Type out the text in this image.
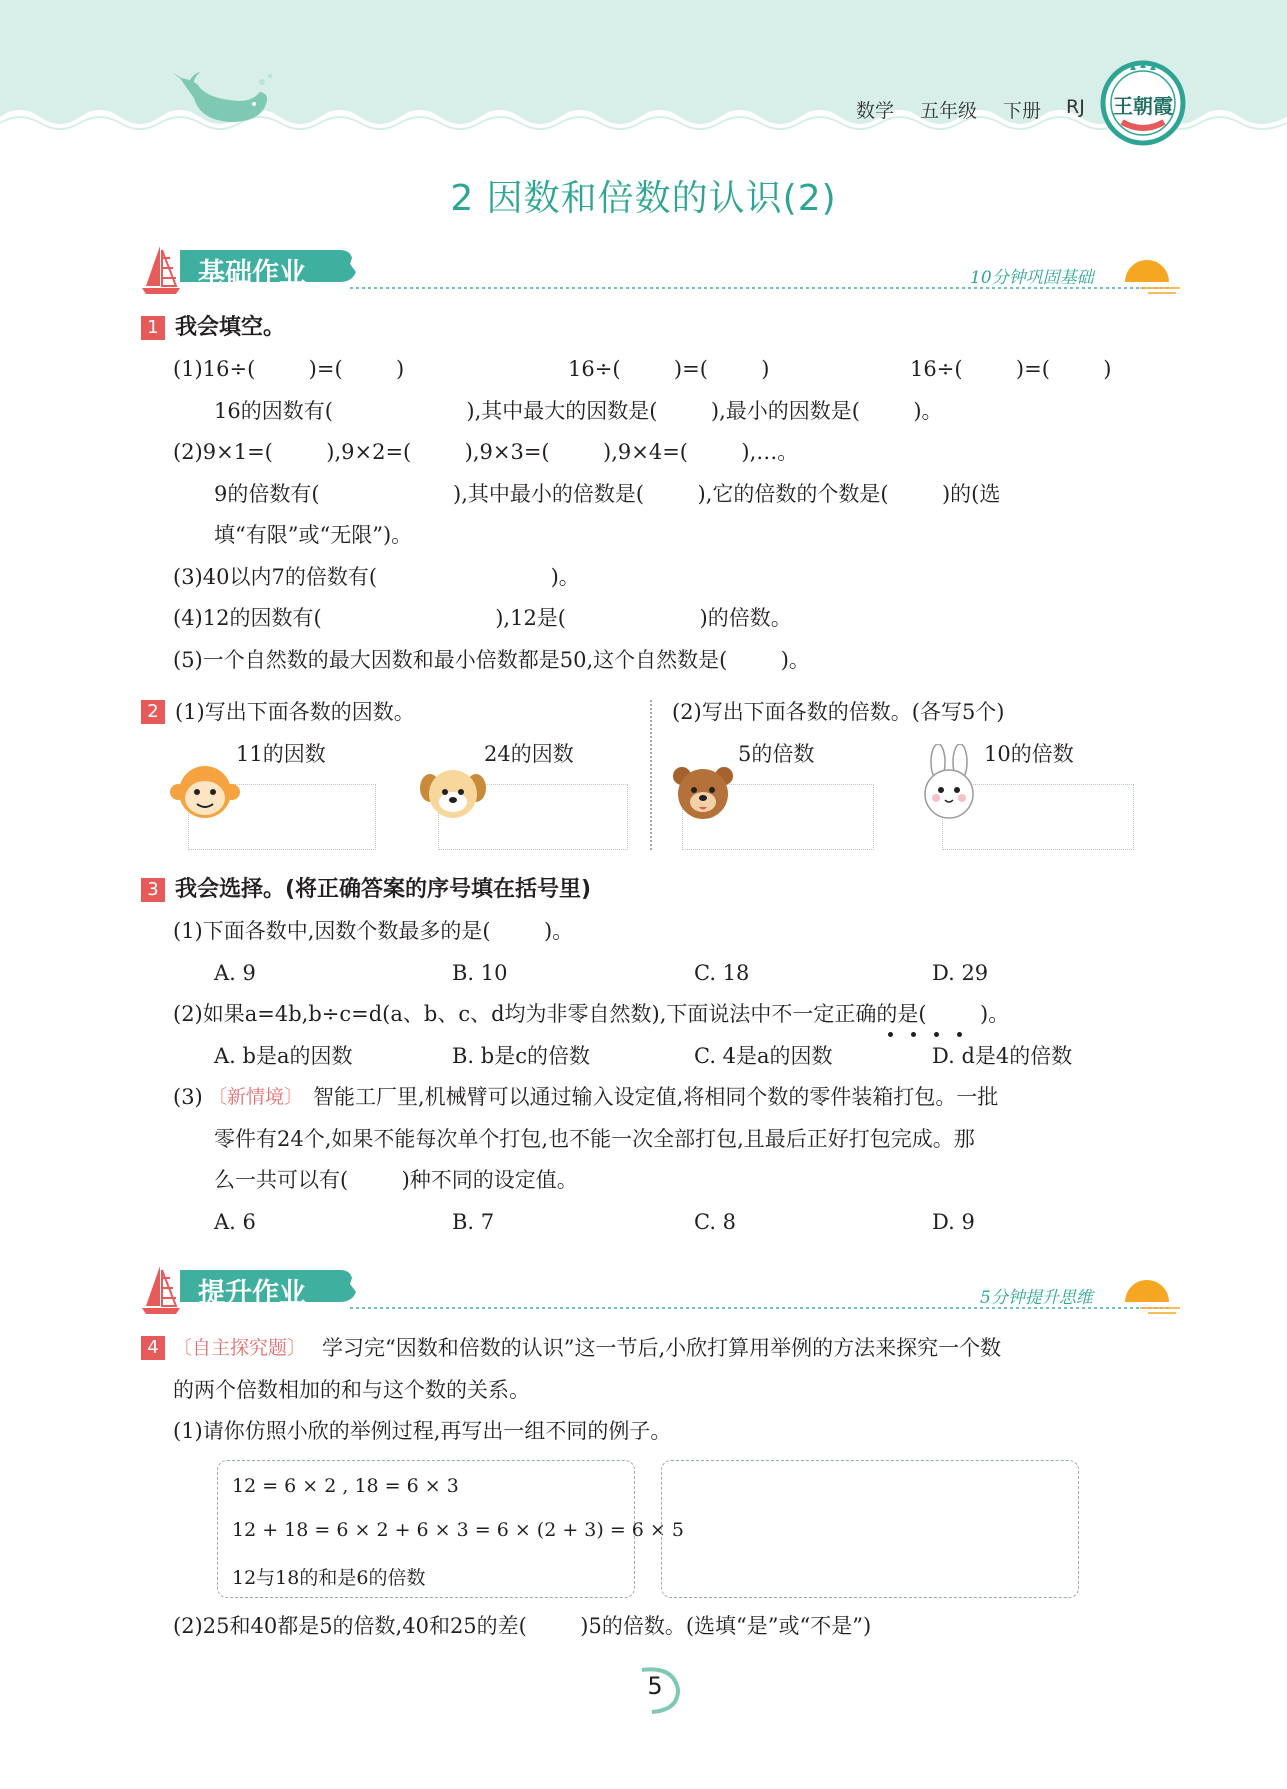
数学 五年级 下册 RJ 王朝霞
2 因数和倍数的认识(2)
基础作业	10分钟巩固基础
1 我会填空。
(1)16÷(        )=(        )	16÷(        )=(        )	16÷(        )=(        )
16的因数有(                    ),其中最大的因数是(        ),最小的因数是(        )。
(2)9×1=(        ),9×2=(        ),9×3=(        ),9×4=(        ),…。
9的倍数有(                    ),其中最小的倍数是(        ),它的倍数的个数是(        )的(选
填“有限”或“无限”)。
(3)40以内7的倍数有(                          )。
(4)12的因数有(                          ),12是(                    )的倍数。
(5)一个自然数的最大因数和最小倍数都是50,这个自然数是(        )。
2 (1)写出下面各数的因数。	(2)写出下面各数的倍数。(各写5个)
11的因数	24的因数	5的倍数	10的倍数
3 我会选择。(将正确答案的序号填在括号里)
(1)下面各数中,因数个数最多的是(        )。
A. 9	B. 10	C. 18	D. 29
(2)如果a=4b,b÷c=d(a、b、c、d均为非零自然数),下面说法中不一定正确的是(        )。
A. b是a的因数	B. b是c的倍数	C. 4是a的因数	D. d是4的倍数
(3) 〔新情境〕 智能工厂里,机械臂可以通过输入设定值,将相同个数的零件装箱打包。一批
零件有24个,如果不能每次单个打包,也不能一次全部打包,且最后正好打包完成。那
么一共可以有(        )种不同的设定值。
A. 6	B. 7	C. 8	D. 9
提升作业	5分钟提升思维
4 〔自主探究题〕 学习完“因数和倍数的认识”这一节后,小欣打算用举例的方法来探究一个数
的两个倍数相加的和与这个数的关系。
(1)请你仿照小欣的举例过程,再写出一组不同的例子。
12 = 6 × 2 , 18 = 6 × 3
12 + 18 = 6 × 2 + 6 × 3 = 6 × (2 + 3) = 6 × 5
12与18的和是6的倍数
(2)25和40都是5的倍数,40和25的差(        )5的倍数。(选填“是”或“不是”)
5
